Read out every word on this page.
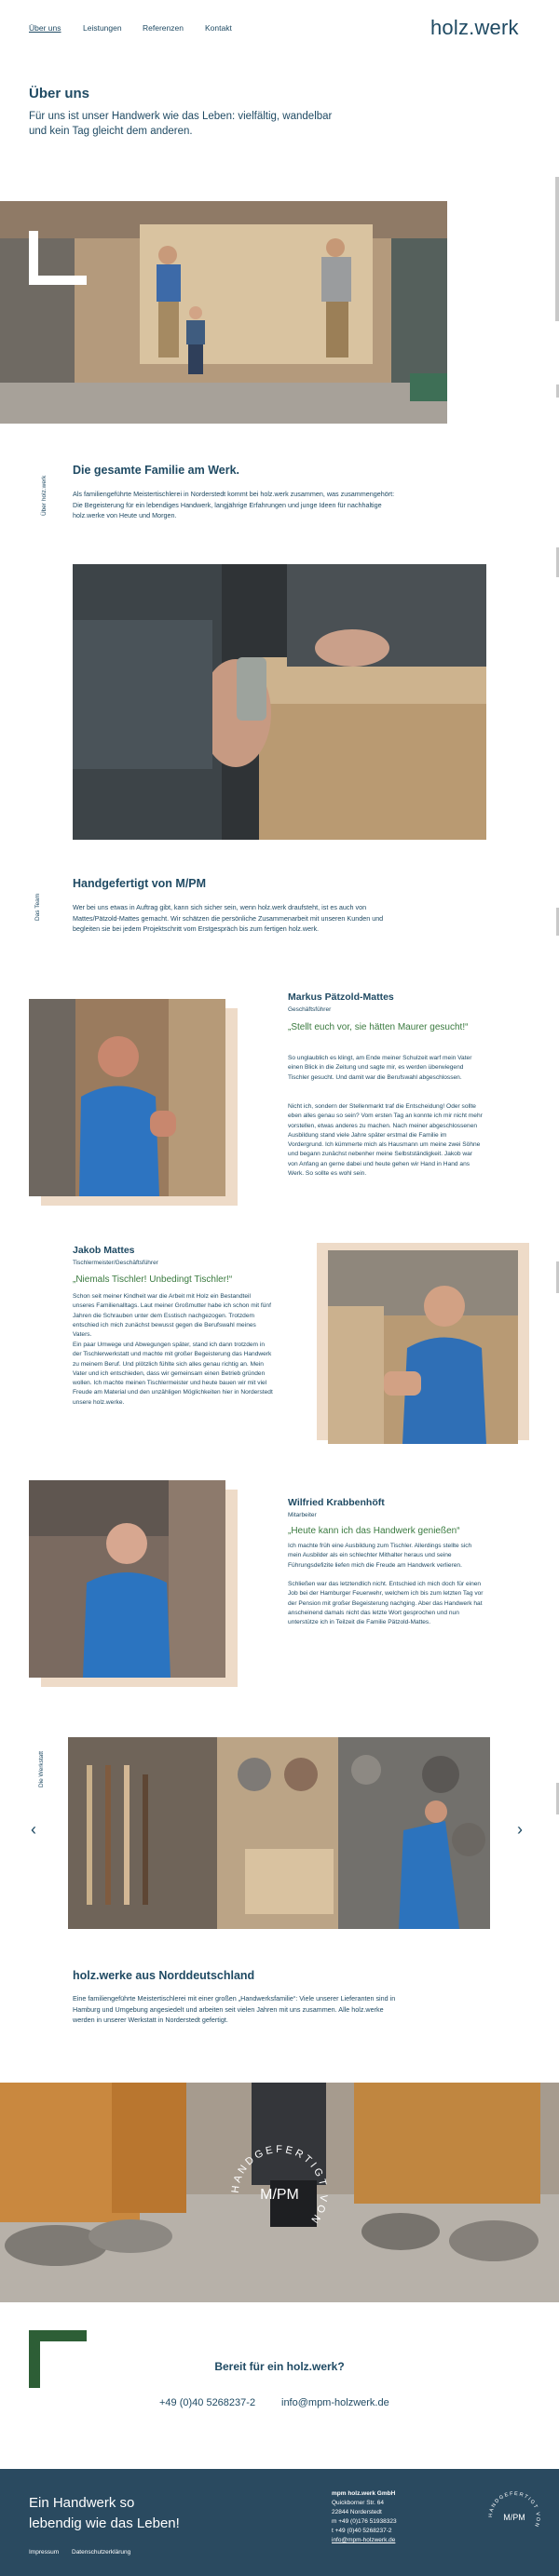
Über uns	Leistungen	Referenzen	Kontakt	holz.werk
Über uns

Für uns ist unser Handwerk wie das Leben: vielfältig, wandelbar und kein Tag gleicht dem anderen.

Über holz.werk
Die gesamte Familie am Werk.

Als familiengeführte Meistertischlerei in Norderstedt kommt bei holz.werk zusammen, was zusammengehört: Die Begeisterung für ein lebendiges Handwerk, langjährige Erfahrungen und junge Ideen für nachhaltige holz.werke von Heute und Morgen.

Das Team
Handgefertigt von M/PM

Wer bei uns etwas in Auftrag gibt, kann sich sicher sein, wenn holz.werk draufsteht, ist es auch von Mattes/Pätzold-Mattes gemacht. Wir schätzen die persönliche Zusammenarbeit mit unseren Kunden und begleiten sie bei jedem Projektschritt vom Erstgespräch bis zum fertigen holz.werk.

Markus Pätzold-Mattes
Geschäftsführer
„Stellt euch vor, sie hätten Maurer gesucht!“

So unglaublich es klingt, am Ende meiner Schulzeit warf mein Vater einen Blick in die Zeitung und sagte mir, es werden überwiegend Tischler gesucht. Und damit war die Berufswahl abgeschlossen.

Nicht ich, sondern der Stellenmarkt traf die Entscheidung! Oder sollte eben alles genau so sein? Vom ersten Tag an konnte ich mir nicht mehr vorstellen, etwas anderes zu machen. Nach meiner abgeschlossenen Ausbildung stand viele Jahre später erstmal die Familie im Vordergrund. Ich kümmerte mich als Hausmann um meine zwei Söhne und begann zunächst nebenher meine Selbstständigkeit. Jakob war von Anfang an gerne dabei und heute gehen wir Hand in Hand ans Werk. So sollte es wohl sein.

Jakob Mattes
Tischlermeister/Geschäftsführer
„Niemals Tischler! Unbedingt Tischler!“

Schon seit meiner Kindheit war die Arbeit mit Holz ein Bestandteil unseres Familienalltags. Laut meiner Großmutter habe ich schon mit fünf Jahren die Schrauben unter dem Esstisch nachgezogen. Trotzdem entschied ich mich zunächst bewusst gegen die Berufswahl meines Vaters.

Ein paar Umwege und Abwegungen später, stand ich dann trotzdem in der Tischlerwerkstatt und machte mit großer Begeisterung das Handwerk zu meinem Beruf. Und plötzlich fühlte sich alles genau richtig an. Mein Vater und ich entschieden, dass wir gemeinsam einen Betrieb gründen wollen. Ich machte meinen Tischlermeister und heute bauen wir mit viel Freude am Material und den unzähligen Möglichkeiten hier in Norderstedt unsere holz.werke.

Wilfried Krabbenhöft
Mitarbeiter
„Heute kann ich das Handwerk genießen“

Ich machte früh eine Ausbildung zum Tischler. Allerdings stellte sich mein Ausbilder als ein schlechter Mithalter heraus und seine Führungsdefizite liefen mich die Freude am Handwerk verlieren.

Schließen war das letztendlich nicht. Entschied ich mich doch für einen Job bei der Hamburger Feuerwehr, welchem ich bis zum letzten Tag vor der Pension mit großer Begeisterung nachging. Aber das Handwerk hat anscheinend damals nicht das letzte Wort gesprochen und nun unterstütze ich in Teilzeit die Familie Pätzold-Mattes.

Die Werkstatt
‹	›
holz.werke aus Norddeutschland

Eine familiengeführte Meistertischlerei mit einer großen „Handwerksfamilie“: Viele unserer Lieferanten sind in Hamburg und Umgebung angesiedelt und arbeiten seit vielen Jahren mit uns zusammen. Alle holz.werke werden in unserer Werkstatt in Norderstedt gefertigt.

HANDGEFERTIGT VON
M/PM
Bereit für ein holz.werk?
+49 (0)40 5268237-2	info@mpm-holzwerk.de
Ein Handwerk so
lebendig wie das Leben!
Impressum Datenschutzerklärung
mpm holz.werk GmbH
Quickborner Str. 64
22844 Norderstedt
m +49 (0)176 51938323
t +49 (0)40 5268237-2
info@mpm-holzwerk.de
HANDGEFERTIGT VON
M/PM
